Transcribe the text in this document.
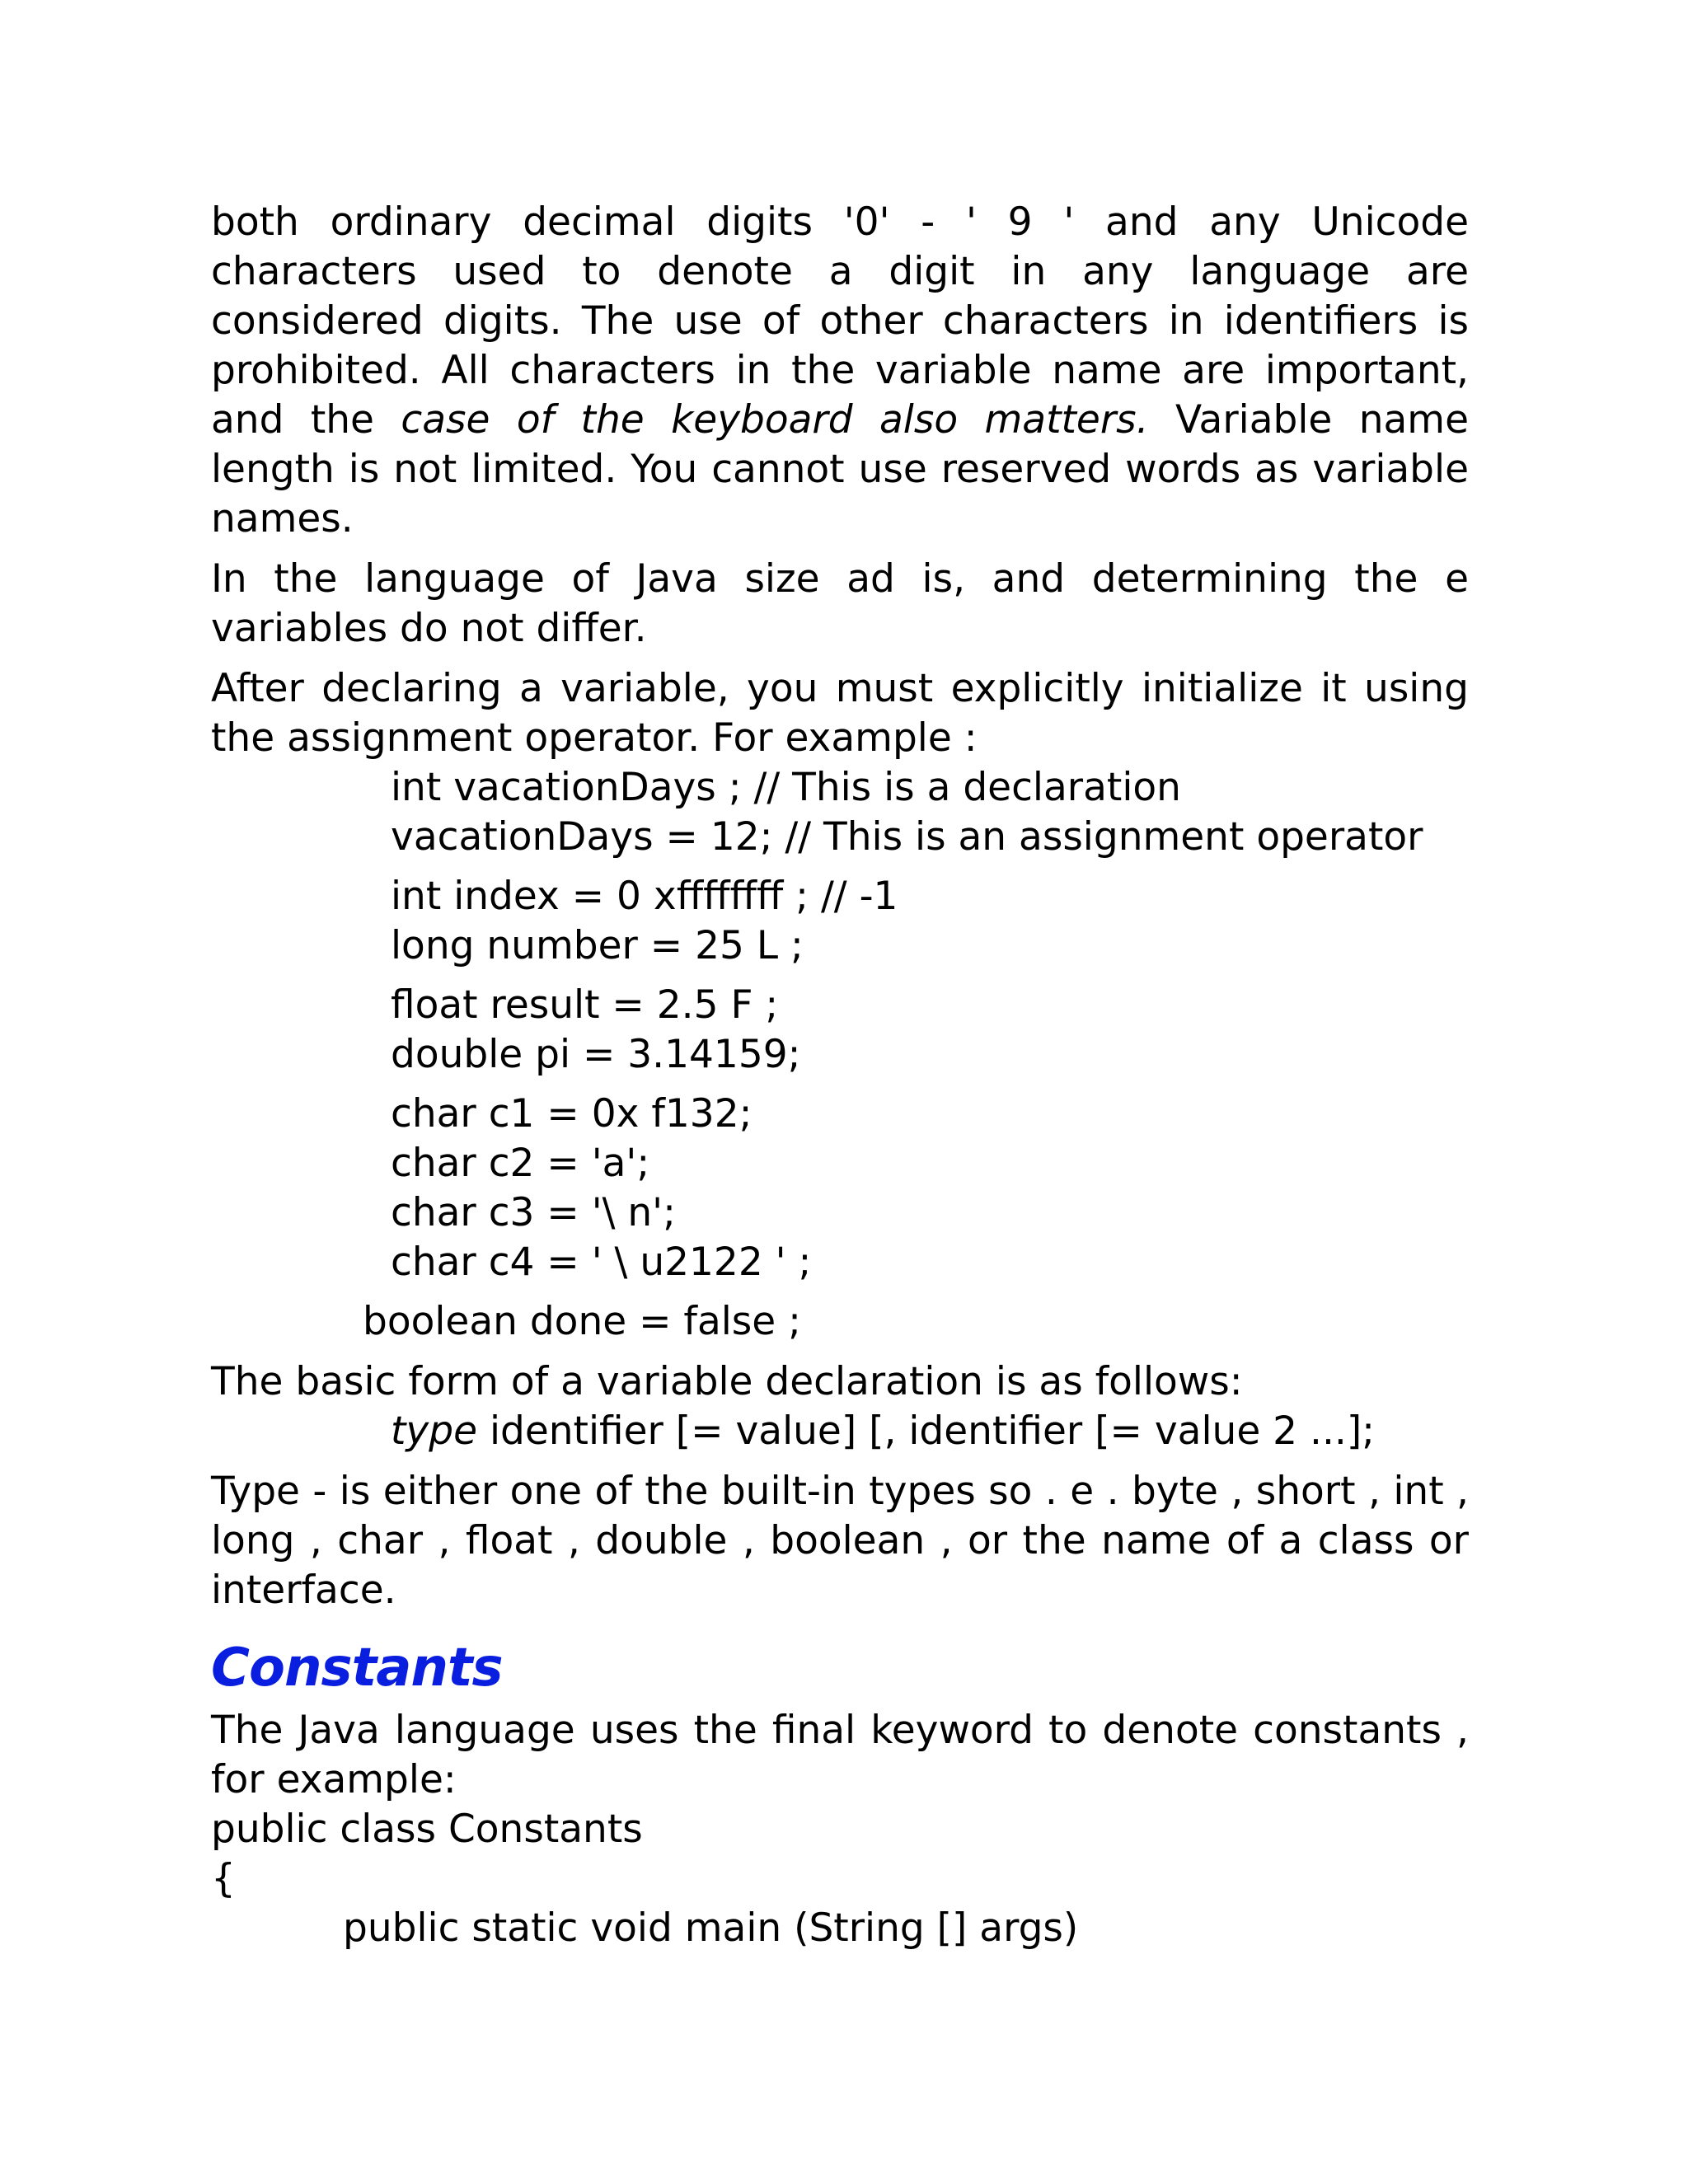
both ordinary decimal digits '0' - ' 9 ' and any Unicode characters used to denote a digit in any language are considered digits. The use of other characters in identifiers is prohibited. All characters in the variable name are important, and the case of the keyboard also matters. Variable name length is not limited. You cannot use reserved words as variable names.

In the language of Java size ad is, and determining the e variables do not differ.

After declaring a variable, you must explicitly initialize it using the assignment operator. For example :

int vacationDays ; // This is a declaration
vacationDays = 12; // This is an assignment operator
int index = 0 xffffffff ; // -1
long number = 25 L ;
float result = 2.5 F ;
double pi = 3.14159;
char c1 = 0x f132;
char c2 = 'a';
char c3 = '\ n';
char c4 = ' \ u2122 ' ;
boolean done = false ;

The basic form of a variable declaration is as follows:

type identifier [= value] [, identifier [= value 2 ...];

Type - is either one of the built-in types so . e . byte , short , int , long , char , float , double , boolean , or the name of a class or interface.

Constants

The Java language uses the final keyword to denote constants , for example:

public class Constants
{
public static void main (String [] args)
